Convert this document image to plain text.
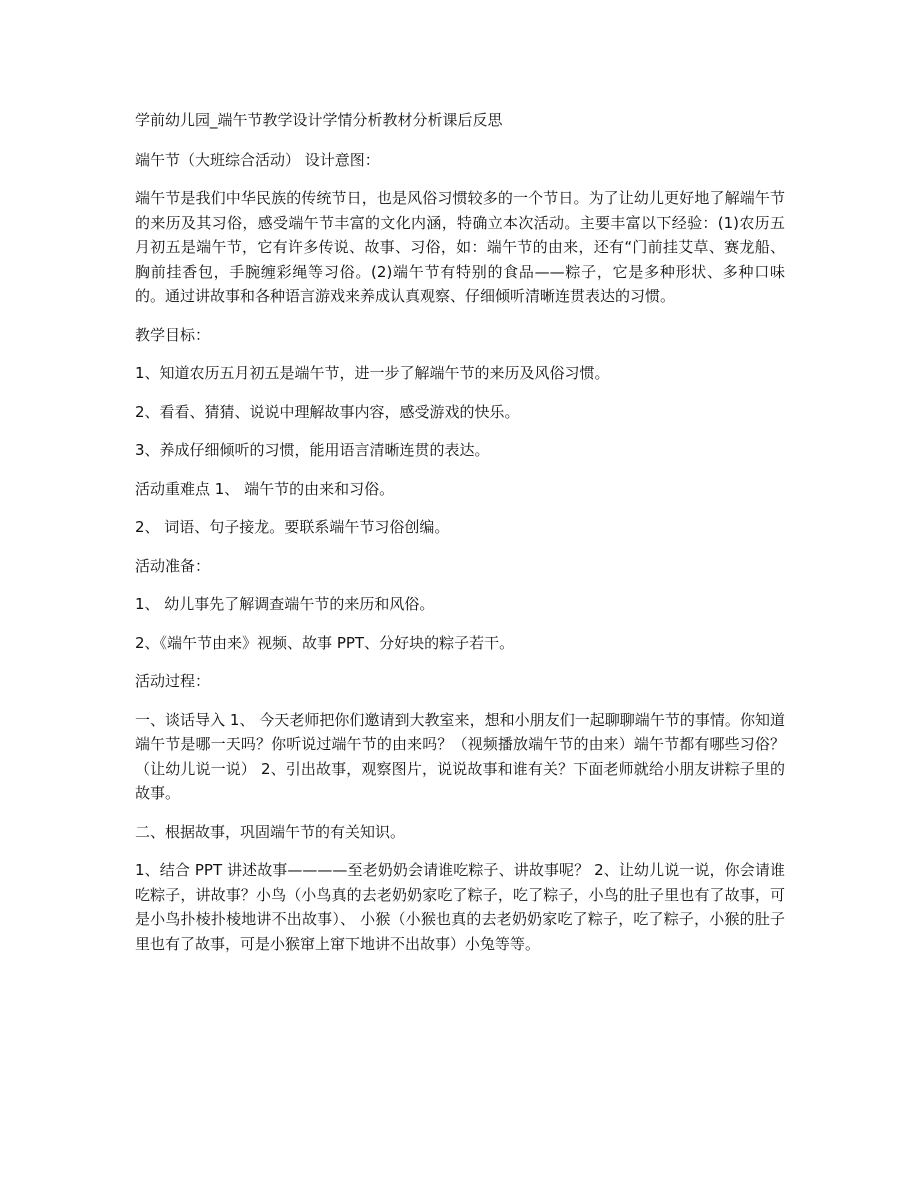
学前幼儿园_端午节教学设计学情分析教材分析课后反思

端午节（大班综合活动） 设计意图：

端午节是我们中华民族的传统节日，也是风俗习惯较多的一个节日。为了让幼儿更好地了解端午节的来历及其习俗，感受端午节丰富的文化内涵，特确立本次活动。主要丰富以下经验：(1)农历五月初五是端午节，它有许多传说、故事、习俗，如：端午节的由来，还有“门前挂艾草、赛龙船、胸前挂香包，手腕缠彩绳等习俗。(2)端午节有特别的食品——粽子，它是多种形状、多种口味的。通过讲故事和各种语言游戏来养成认真观察、仔细倾听清晰连贯表达的习惯。

教学目标：

1、知道农历五月初五是端午节，进一步了解端午节的来历及风俗习惯。

2、看看、猜猜、说说中理解故事内容，感受游戏的快乐。

3、养成仔细倾听的习惯，能用语言清晰连贯的表达。

活动重难点 1、 端午节的由来和习俗。

2、 词语、句子接龙。要联系端午节习俗创编。

活动准备：

1、 幼儿事先了解调查端午节的来历和风俗。

2、《端午节由来》视频、故事 PPT、分好块的粽子若干。

活动过程：

一、谈话导入 1、 今天老师把你们邀请到大教室来，想和小朋友们一起聊聊端午节的事情。你知道端午节是哪一天吗？你听说过端午节的由来吗？（视频播放端午节的由来）端午节都有哪些习俗？（让幼儿说一说） 2、引出故事，观察图片，说说故事和谁有关？下面老师就给小朋友讲粽子里的故事。

二、根据故事，巩固端午节的有关知识。

1、结合 PPT 讲述故事————至老奶奶会请谁吃粽子、讲故事呢？ 2、让幼儿说一说，你会请谁吃粽子，讲故事？小鸟（小鸟真的去老奶奶家吃了粽子，吃了粽子，小鸟的肚子里也有了故事，可是小鸟扑棱扑棱地讲不出故事）、 小猴（小猴也真的去老奶奶家吃了粽子，吃了粽子，小猴的肚子里也有了故事，可是小猴窜上窜下地讲不出故事）小兔等等。
